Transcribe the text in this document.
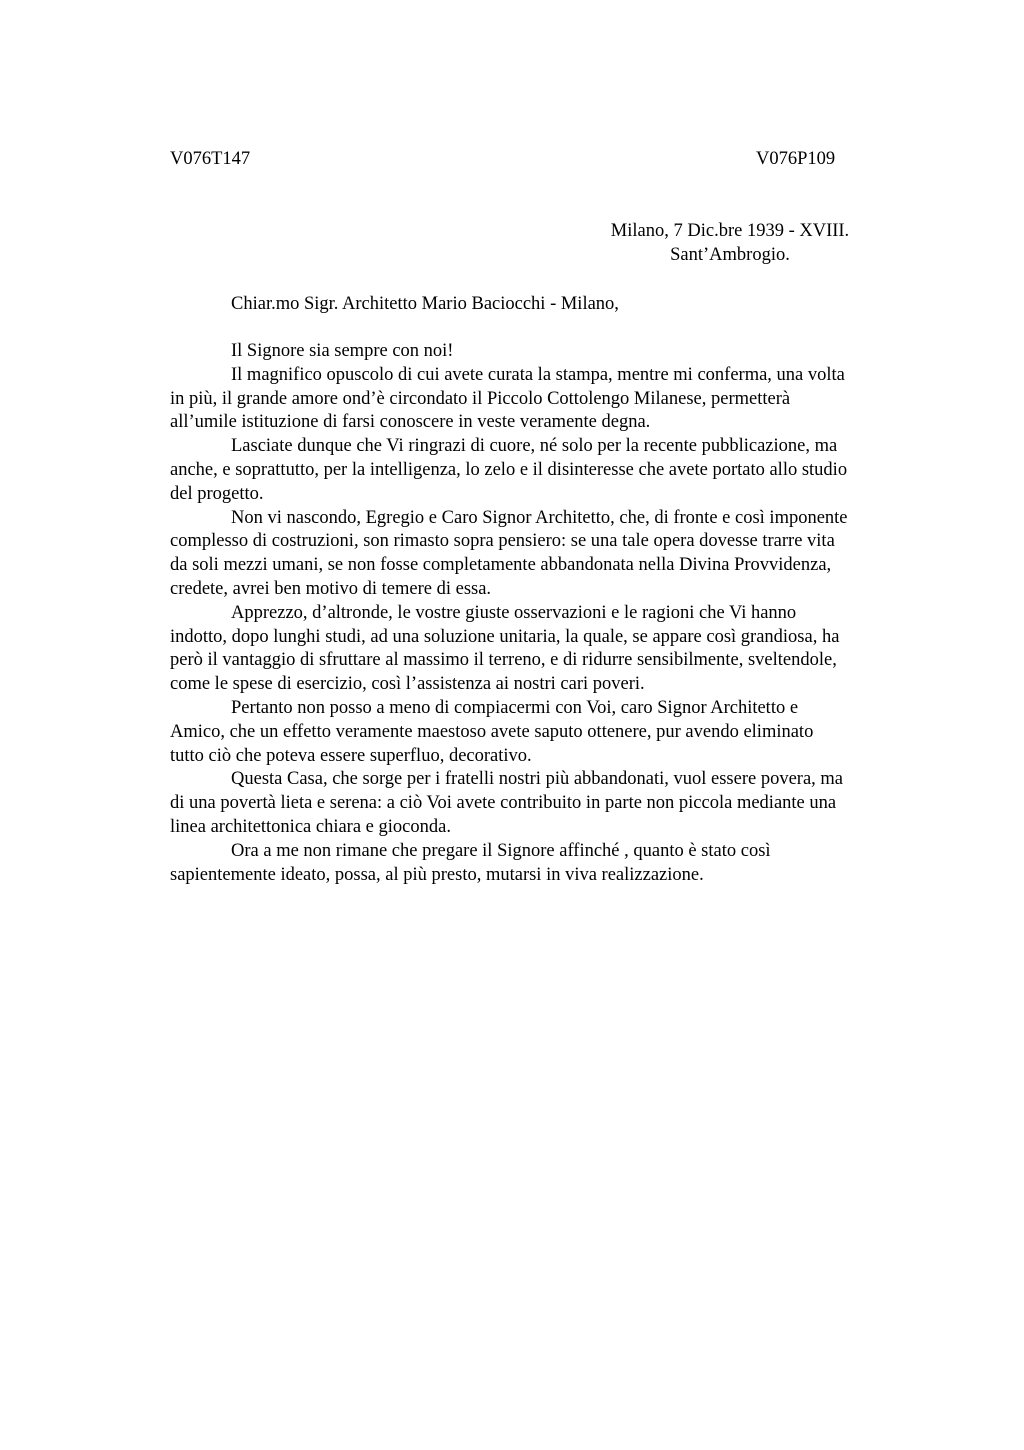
V076T147	V076P109
Milano, 7 Dic.bre 1939 - XVIII.
Sant’Ambrogio.
Chiar.mo Sigr. Architetto Mario Baciocchi - Milano,
Il Signore sia sempre con noi!
Il magnifico opuscolo di cui avete curata la stampa, mentre mi conferma, una volta
in più, il grande amore ond’è circondato il Piccolo Cottolengo Milanese, permetterà
all’umile istituzione di farsi conoscere in veste veramente degna.
Lasciate dunque che Vi ringrazi di cuore, né solo per la recente pubblicazione, ma
anche, e soprattutto, per la intelligenza, lo zelo e il disinteresse che avete portato allo studio
del progetto.
Non vi nascondo, Egregio e Caro Signor Architetto, che, di fronte e così imponente
complesso di costruzioni, son rimasto sopra pensiero: se una tale opera dovesse trarre vita
da soli mezzi umani, se non fosse completamente abbandonata nella Divina Provvidenza,
credete, avrei ben motivo di temere di essa.
Apprezzo, d’altronde, le vostre giuste osservazioni e le ragioni che Vi hanno
indotto, dopo lunghi studi, ad una soluzione unitaria, la quale, se appare così grandiosa, ha
però il vantaggio di sfruttare al massimo il terreno, e di ridurre sensibilmente, sveltendole,
come le spese di esercizio, così l’assistenza ai nostri cari poveri.
Pertanto non posso a meno di compiacermi con Voi, caro Signor Architetto e
Amico, che un effetto veramente maestoso avete saputo ottenere, pur avendo eliminato
tutto ciò che poteva essere superfluo, decorativo.
Questa Casa, che sorge per i fratelli nostri più abbandonati, vuol essere povera, ma
di una povertà lieta e serena: a ciò Voi avete contribuito in parte non piccola mediante una
linea architettonica chiara e gioconda.
Ora a me non rimane che pregare il Signore affinché , quanto è stato così
sapientemente ideato, possa, al più presto, mutarsi in viva realizzazione.
